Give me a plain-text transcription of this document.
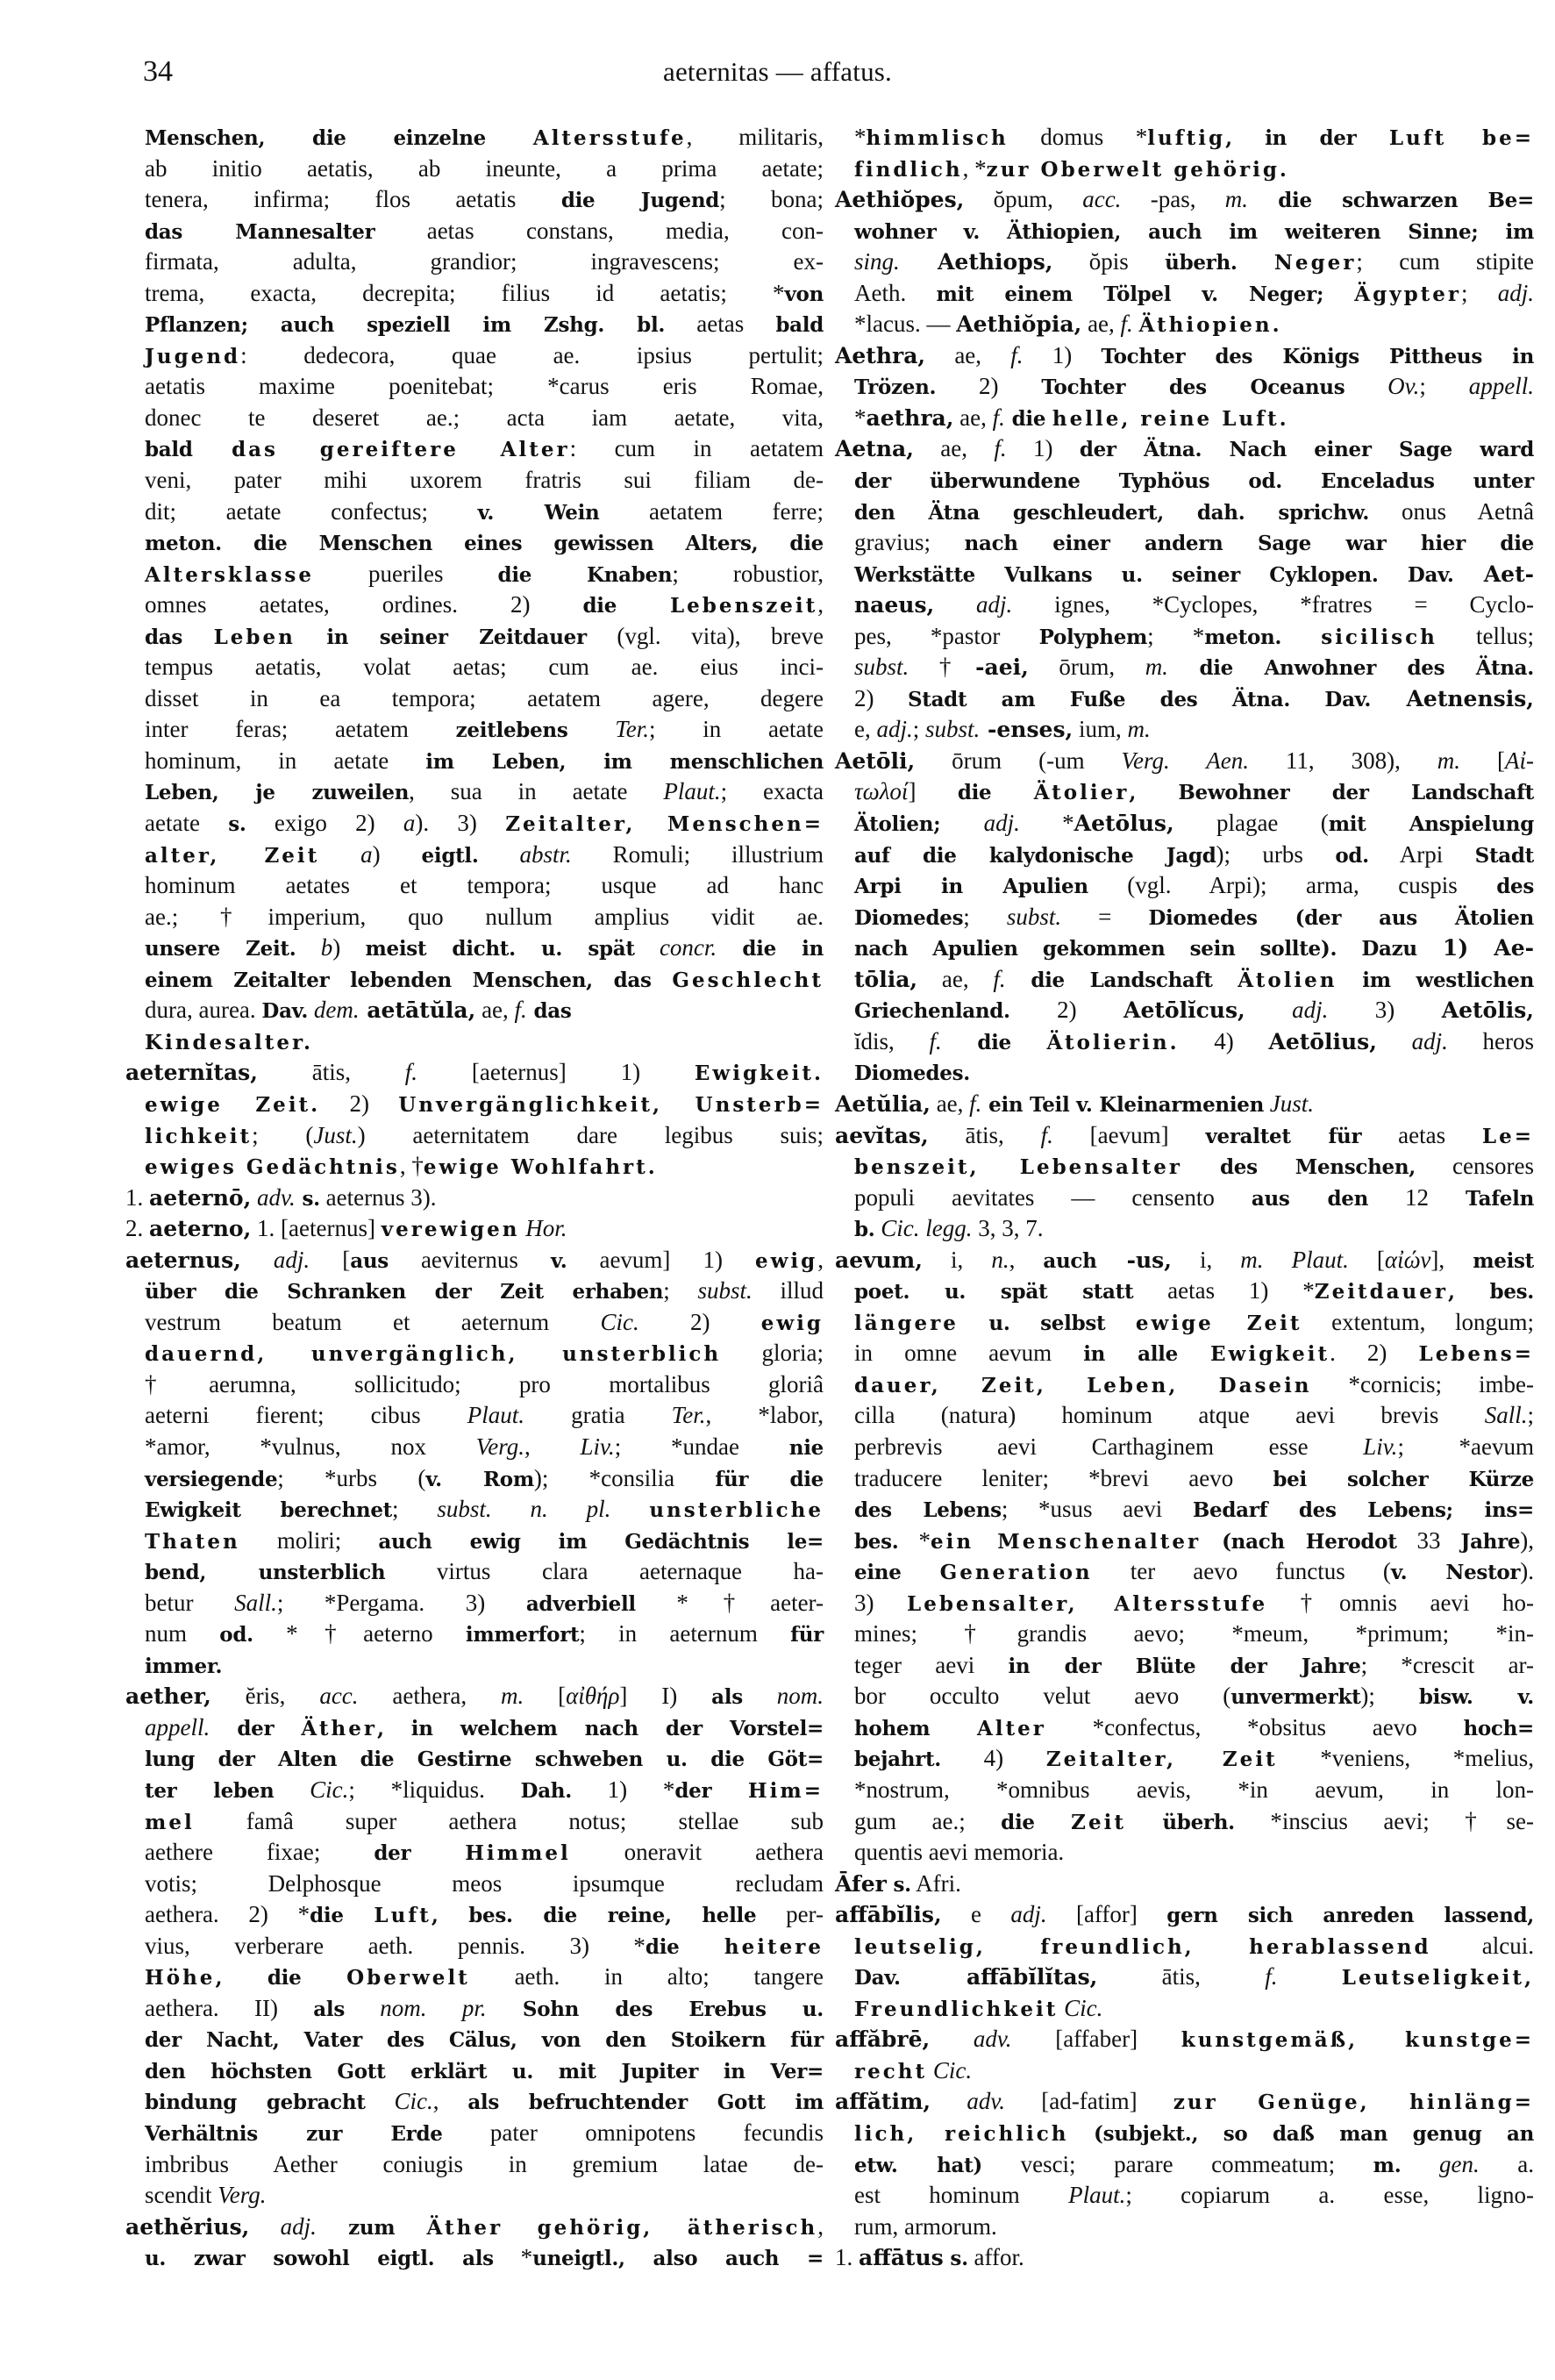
34	aeternitas — affatus.
Menschen, die einzelne Altersstufe, militaris,
ab initio aetatis, ab ineunte, a prima aetate;
tenera, infirma; flos aetatis die Jugend; bona;
das Mannesalter aetas constans, media, con-
firmata, adulta, grandior; ingravescens; ex-
trema, exacta, decrepita; filius id aetatis; *von
Pflanzen; auch speziell im Zshg. bl. aetas bald
Jugend: dedecora, quae ae. ipsius pertulit;
aetatis maxime poenitebat; *carus eris Romae,
donec te deseret ae.; acta iam aetate, vita,
bald das gereiftere Alter: cum in aetatem
veni, pater mihi uxorem fratris sui filiam de-
dit; aetate confectus; v. Wein aetatem ferre;
meton. die Menschen eines gewissen Alters, die
Altersklasse pueriles die Knaben; robustior,
omnes aetates, ordines. 2) die Lebenszeit,
das Leben in seiner Zeitdauer (vgl. vita), breve
tempus aetatis, volat aetas; cum ae. eius inci-
disset in ea tempora; aetatem agere, degere
inter feras; aetatem zeitlebens Ter.; in aetate
hominum, in aetate im Leben, im menschlichen
Leben, je zuweilen, sua in aetate Plaut.; exacta
aetate s. exigo 2) a). 3) Zeitalter, Menschen=
alter, Zeit a) eigtl. abstr. Romuli; illustrium
hominum aetates et tempora; usque ad hanc
ae.; †imperium, quo nullum amplius vidit ae.
unsere Zeit. b) meist dicht. u. spät concr. die in
einem Zeitalter lebenden Menschen, das Geschlecht
dura, aurea. Dav. dem. aetātŭla, ae, f. das
Kindesalter.
aeternĭtas, ātis, f. [aeternus] 1) Ewigkeit.
ewige Zeit. 2) Unvergänglichkeit, Unsterb=
lichkeit; (Just.) aeternitatem dare legibus suis;
ewiges Gedächtnis, †ewige Wohlfahrt.
1. aeternō, adv. s. aeternus 3).
2. aeterno, 1. [aeternus] verewigen Hor.
aeternus, adj. [aus aeviternus v. aevum] 1) ewig,
über die Schranken der Zeit erhaben; subst. illud
vestrum beatum et aeternum Cic. 2) ewig
dauernd, unvergänglich, unsterblich gloria;
†aerumna, sollicitudo; pro mortalibus gloriâ
aeterni fierent; cibus Plaut. gratia Ter., *labor,
*amor, *vulnus, nox Verg., Liv.; *undae nie
versiegende; *urbs (v. Rom); *consilia für die
Ewigkeit berechnet; subst. n. pl. unsterbliche
Thaten moliri; auch ewig im Gedächtnis le=
bend, unsterblich virtus clara aeternaque ha-
betur Sall.; *Pergama. 3) adverbiell *†aeter-
num od. *†aeterno immerfort; in aeternum für
immer.
aether, ĕris, acc. aethera, m. [αἰθήρ] I) als nom.
appell. der Äther, in welchem nach der Vorstel=
lung der Alten die Gestirne schweben u. die Göt=
ter leben Cic.; *liquidus. Dah. 1) *der Him=
mel famâ super aethera notus; stellae sub
aethere fixae; der Himmel oneravit aethera
votis; Delphosque meos ipsumque recludam
aethera. 2) *die Luft, bes. die reine, helle per-
vius, verberare aeth. pennis. 3) *die heitere
Höhe, die Oberwelt aeth. in alto; tangere
aethera. II) als nom. pr. Sohn des Erebus u.
der Nacht, Vater des Cälus, von den Stoikern für
den höchsten Gott erklärt u. mit Jupiter in Ver=
bindung gebracht Cic., als befruchtender Gott im
Verhältnis zur Erde pater omnipotens fecundis
imbribus Aether coniugis in gremium latae de-
scendit Verg.
aethĕrius, adj. zum Äther gehörig, ätherisch,
u. zwar sowohl eigtl. als *uneigtl., also auch =
*himmlisch domus *luftig, in der Luft be=
findlich, *zur Oberwelt gehörig.
Aethiŏpes, ŏpum, acc. -pas, m. die schwarzen Be=
wohner v. Äthiopien, auch im weiteren Sinne; im
sing. Aethiops, ŏpis überh. Neger; cum stipite
Aeth. mit einem Tölpel v. Neger; Ägypter; adj.
*lacus. — Aethiŏpia, ae, f. Äthiopien.
Aethra, ae, f. 1) Tochter des Königs Pittheus in
Trözen. 2) Tochter des Oceanus Ov.; appell.
*aethra, ae, f. die helle, reine Luft.
Aetna, ae, f. 1) der Ätna. Nach einer Sage ward
der überwundene Typhöus od. Enceladus unter
den Ätna geschleudert, dah. sprichw. onus Aetnâ
gravius; nach einer andern Sage war hier die
Werkstätte Vulkans u. seiner Cyklopen. Dav. Aet-
naeus, adj. ignes, *Cyclopes, *fratres = Cyclo-
pes, *pastor Polyphem; *meton. sicilisch tellus;
subst. †-aei, ōrum, m. die Anwohner des Ätna.
2) Stadt am Fuße des Ätna. Dav. Aetnensis,
e, adj.; subst. -enses, ium, m.
Aetōli, ōrum (-um Verg. Aen. 11, 308), m. [Αἰ-
τωλοί] die Ätolier, Bewohner der Landschaft
Ätolien; adj. *Aetōlus, plagae (mit Anspielung
auf die kalydonische Jagd); urbs od. Arpi Stadt
Arpi in Apulien (vgl. Arpi); arma, cuspis des
Diomedes; subst. = Diomedes (der aus Ätolien
nach Apulien gekommen sein sollte). Dazu 1) Ae-
tōlia, ae, f. die Landschaft Ätolien im westlichen
Griechenland. 2) Aetōlĭcus, adj. 3) Aetōlis,
ĭdis, f. die Ätolierin. 4) Aetōlius, adj. heros
Diomedes.
Aetŭlia, ae, f. ein Teil v. Kleinarmenien Just.
aevĭtas, ātis, f. [aevum] veraltet für aetas Le=
benszeit, Lebensalter des Menschen, censores
populi aevitates — censento aus den 12 Tafeln
b. Cic. legg. 3, 3, 7.
aevum, i, n., auch -us, i, m. Plaut. [αἰών], meist
poet. u. spät statt aetas 1) *Zeitdauer, bes.
längere u. selbst ewige Zeit extentum, longum;
in omne aevum in alle Ewigkeit. 2) Lebens=
dauer, Zeit, Leben, Dasein *cornicis; imbe-
cilla (natura) hominum atque aevi brevis Sall.;
perbrevis aevi Carthaginem esse Liv.; *aevum
traducere leniter; *brevi aevo bei solcher Kürze
des Lebens; *usus aevi Bedarf des Lebens; ins=
bes. *ein Menschenalter (nach Herodot 33 Jahre),
eine Generation ter aevo functus (v. Nestor).
3) Lebensalter, Altersstufe †omnis aevi ho-
mines; †grandis aevo; *meum, *primum; *in-
teger aevi in der Blüte der Jahre; *crescit ar-
bor occulto velut aevo (unvermerkt); bisw. v.
hohem Alter *confectus, *obsitus aevo hoch=
bejahrt. 4) Zeitalter, Zeit *veniens, *melius,
*nostrum, *omnibus aevis, *in aevum, in lon-
gum ae.; die Zeit überh. *inscius aevi; †se-
quentis aevi memoria.
Āfer s. Afri.
affābĭlis, e adj. [affor] gern sich anreden lassend,
leutselig, freundlich, herablassend alcui.
Dav. affābĭlĭtas, ātis, f.	Leutseligkeit,
Freundlichkeit Cic.
affăbrē, adv. [affaber] kunstgemäß, kunstge=
recht Cic.
affătim, adv. [ad-fatim] zur Genüge, hinläng=
lich, reichlich (subjekt., so daß man genug an
etw. hat) vesci; parare commeatum; m. gen. a.
est hominum Plaut.; copiarum a. esse, ligno-
rum, armorum.
1. affātus s. affor.
